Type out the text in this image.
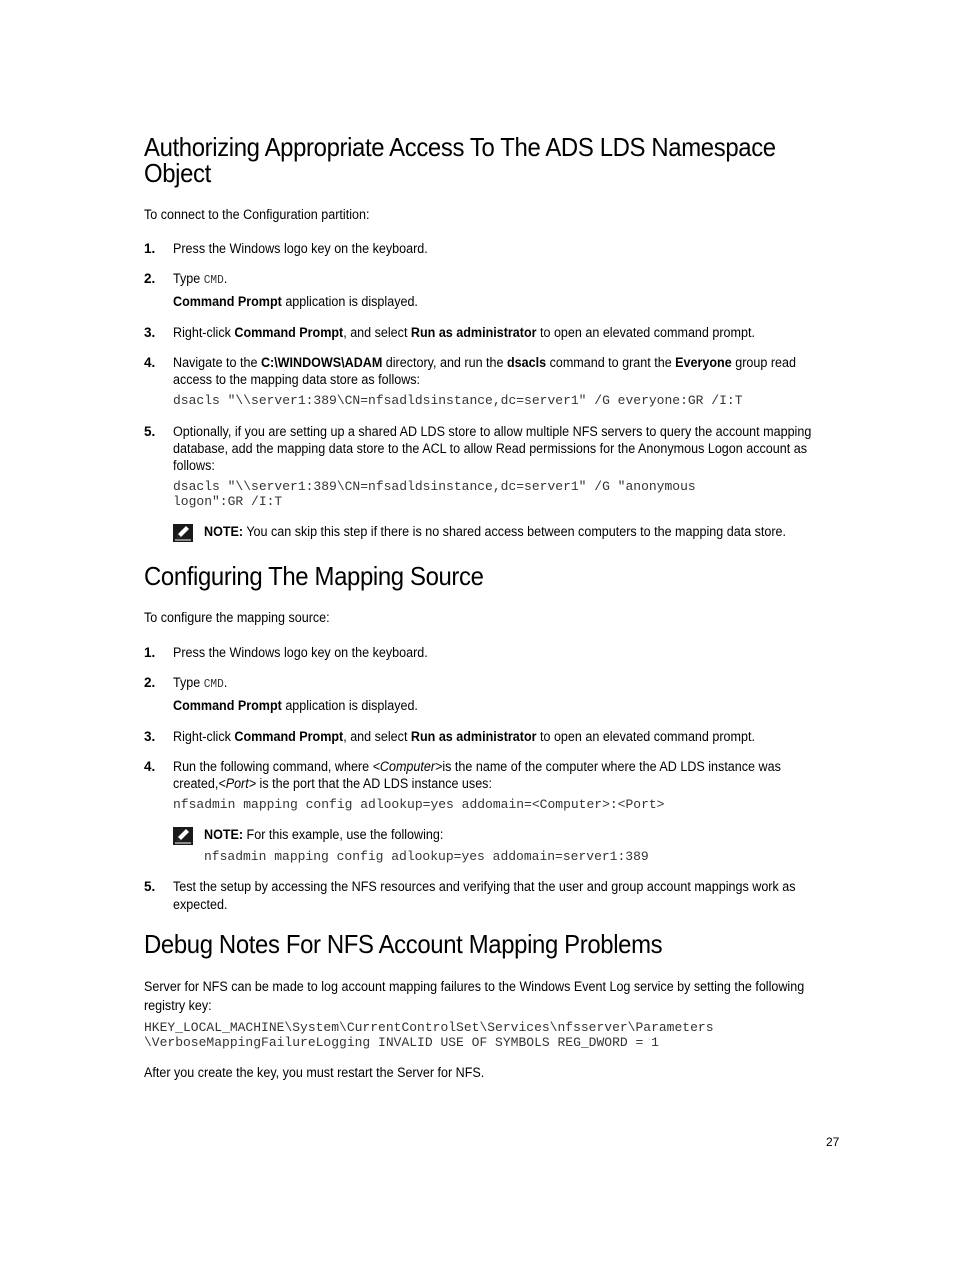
Authorizing Appropriate Access To The ADS LDS Namespace
Object
To connect to the Configuration partition:
1. Press the Windows logo key on the keyboard.
2. Type CMD.
Command Prompt application is displayed.
3. Right-click Command Prompt, and select Run as administrator to open an elevated command prompt.
4. Navigate to the C:\WINDOWS\ADAM directory, and run the dsacls command to grant the Everyone group read
access to the mapping data store as follows:
dsacls "\\server1:389\CN=nfsadldsinstance,dc=server1" /G everyone:GR /I:T
5. Optionally, if you are setting up a shared AD LDS store to allow multiple NFS servers to query the account mapping
database, add the mapping data store to the ACL to allow Read permissions for the Anonymous Logon account as
follows:
dsacls "\\server1:389\CN=nfsadldsinstance,dc=server1" /G "anonymous
logon":GR /I:T
NOTE: You can skip this step if there is no shared access between computers to the mapping data store.
Configuring The Mapping Source
To configure the mapping source:
1. Press the Windows logo key on the keyboard.
2. Type CMD.
Command Prompt application is displayed.
3. Right-click Command Prompt, and select Run as administrator to open an elevated command prompt.
4. Run the following command, where <Computer>is the name of the computer where the AD LDS instance was
created,<Port> is the port that the AD LDS instance uses:
nfsadmin mapping config adlookup=yes addomain=<Computer>:<Port>
NOTE: For this example, use the following:
nfsadmin mapping config adlookup=yes addomain=server1:389
5. Test the setup by accessing the NFS resources and verifying that the user and group account mappings work as
expected.
Debug Notes For NFS Account Mapping Problems
Server for NFS can be made to log account mapping failures to the Windows Event Log service by setting the following
registry key:
HKEY_LOCAL_MACHINE\System\CurrentControlSet\Services\nfsserver\Parameters
\VerboseMappingFailureLogging INVALID USE OF SYMBOLS REG_DWORD = 1
After you create the key, you must restart the Server for NFS.
27
